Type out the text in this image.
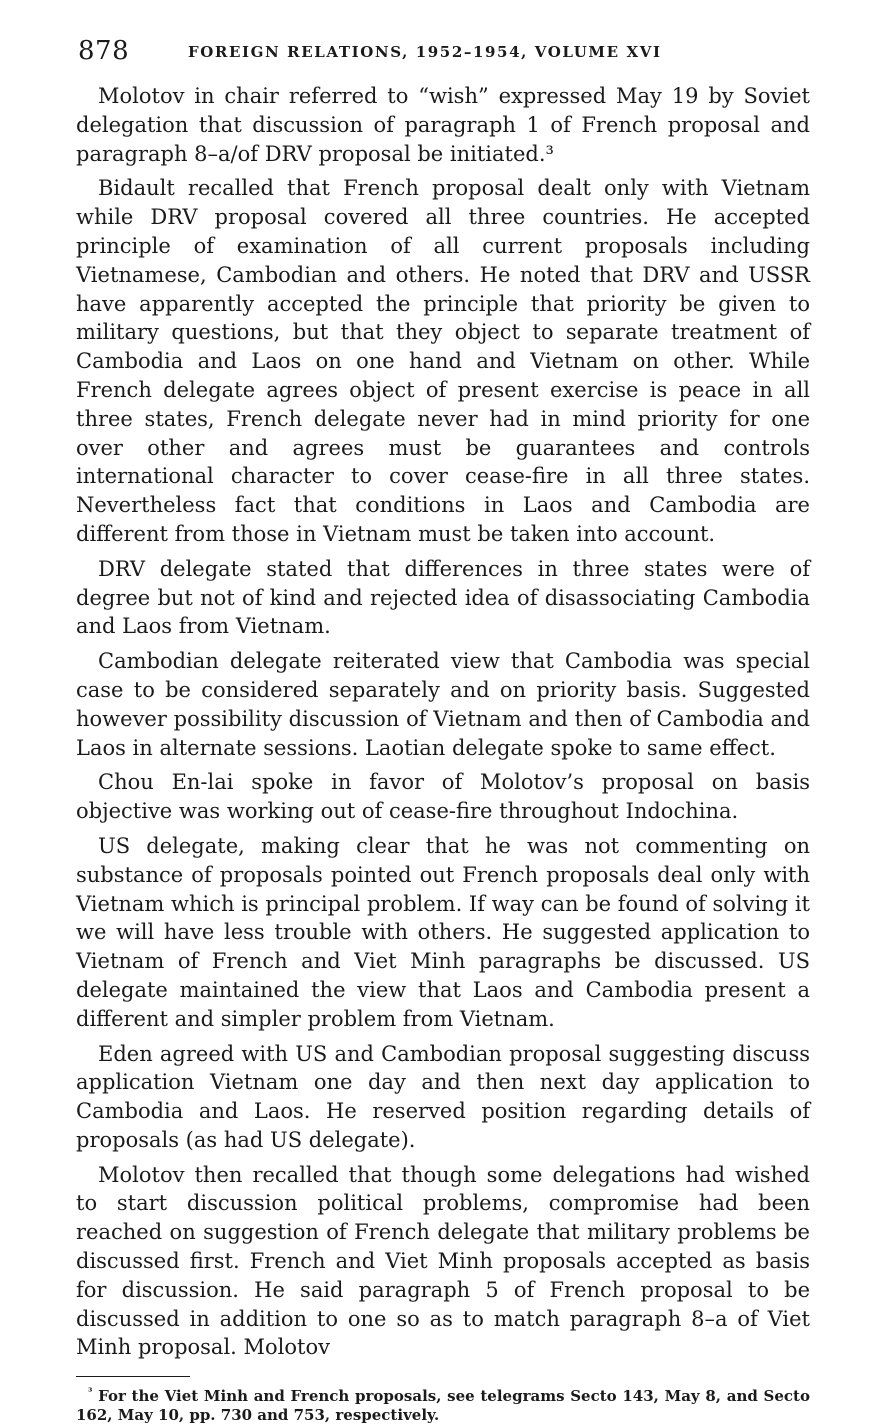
878	FOREIGN RELATIONS, 1952–1954, VOLUME XVI

Molotov in chair referred to “wish” expressed May 19 by Soviet delegation that discussion of paragraph 1 of French proposal and paragraph 8–a/of DRV proposal be initiated.³

Bidault recalled that French proposal dealt only with Vietnam while DRV proposal covered all three countries. He accepted principle of examination of all current proposals including Vietnamese, Cambodian and others. He noted that DRV and USSR have apparently accepted the principle that priority be given to military questions, but that they object to separate treatment of Cambodia and Laos on one hand and Vietnam on other. While French delegate agrees object of present exercise is peace in all three states, French delegate never had in mind priority for one over other and agrees must be guarantees and controls international character to cover cease-fire in all three states. Nevertheless fact that conditions in Laos and Cambodia are different from those in Vietnam must be taken into account.

DRV delegate stated that differences in three states were of degree but not of kind and rejected idea of disassociating Cambodia and Laos from Vietnam.

Cambodian delegate reiterated view that Cambodia was special case to be considered separately and on priority basis. Suggested however possibility discussion of Vietnam and then of Cambodia and Laos in alternate sessions. Laotian delegate spoke to same effect.

Chou En-lai spoke in favor of Molotov’s proposal on basis objective was working out of cease-fire throughout Indochina.

US delegate, making clear that he was not commenting on substance of proposals pointed out French proposals deal only with Vietnam which is principal problem. If way can be found of solving it we will have less trouble with others. He suggested application to Vietnam of French and Viet Minh paragraphs be discussed. US delegate maintained the view that Laos and Cambodia present a different and simpler problem from Vietnam.

Eden agreed with US and Cambodian proposal suggesting discuss application Vietnam one day and then next day application to Cambodia and Laos. He reserved position regarding details of proposals (as had US delegate).

Molotov then recalled that though some delegations had wished to start discussion political problems, compromise had been reached on suggestion of French delegate that military problems be discussed first. French and Viet Minh proposals accepted as basis for discussion. He said paragraph 5 of French proposal to be discussed in addition to one so as to match paragraph 8–a of Viet Minh proposal. Molotov

$^{^3}$ For the Viet Minh and French proposals, see telegrams Secto 143, May 8, and Secto 162, May 10, pp. 730 and 753, respectively.
